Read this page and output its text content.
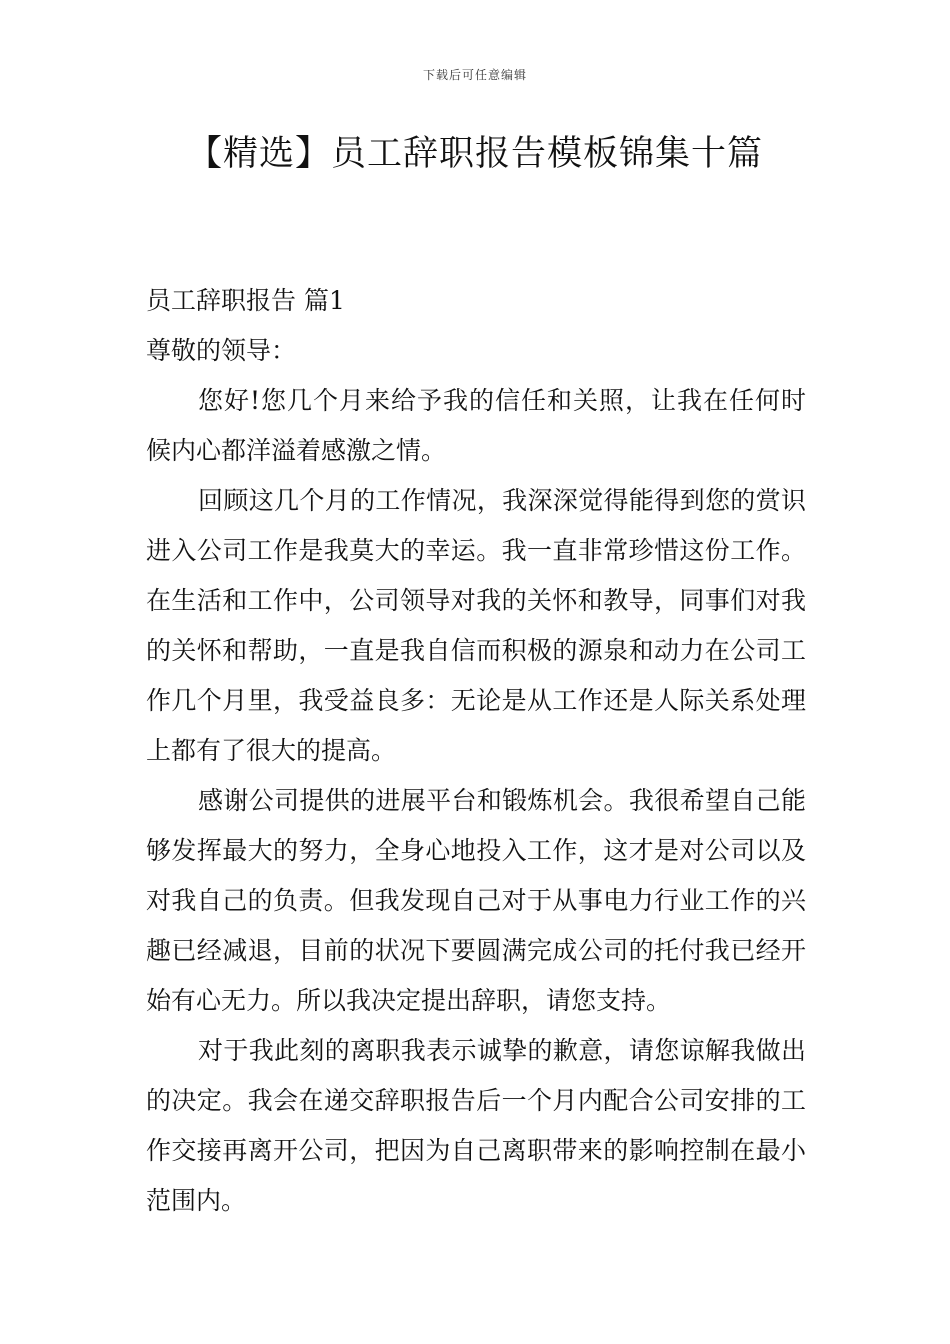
下载后可任意编辑
【精选】员工辞职报告模板锦集十篇

员工辞职报告 篇1

尊敬的领导：

您好!您几个月来给予我的信任和关照，让我在任何时候内心都洋溢着感激之情。

回顾这几个月的工作情况，我深深觉得能得到您的赏识进入公司工作是我莫大的幸运。我一直非常珍惜这份工作。在生活和工作中，公司领导对我的关怀和教导，同事们对我的关怀和帮助，一直是我自信而积极的源泉和动力在公司工作几个月里，我受益良多：无论是从工作还是人际关系处理上都有了很大的提高。

感谢公司提供的进展平台和锻炼机会。我很希望自己能够发挥最大的努力，全身心地投入工作，这才是对公司以及对我自己的负责。但我发现自己对于从事电力行业工作的兴趣已经减退，目前的状况下要圆满完成公司的托付我已经开始有心无力。所以我决定提出辞职，请您支持。

对于我此刻的离职我表示诚挚的歉意，请您谅解我做出的决定。我会在递交辞职报告后一个月内配合公司安排的工作交接再离开公司，把因为自己离职带来的影响控制在最小范围内。
